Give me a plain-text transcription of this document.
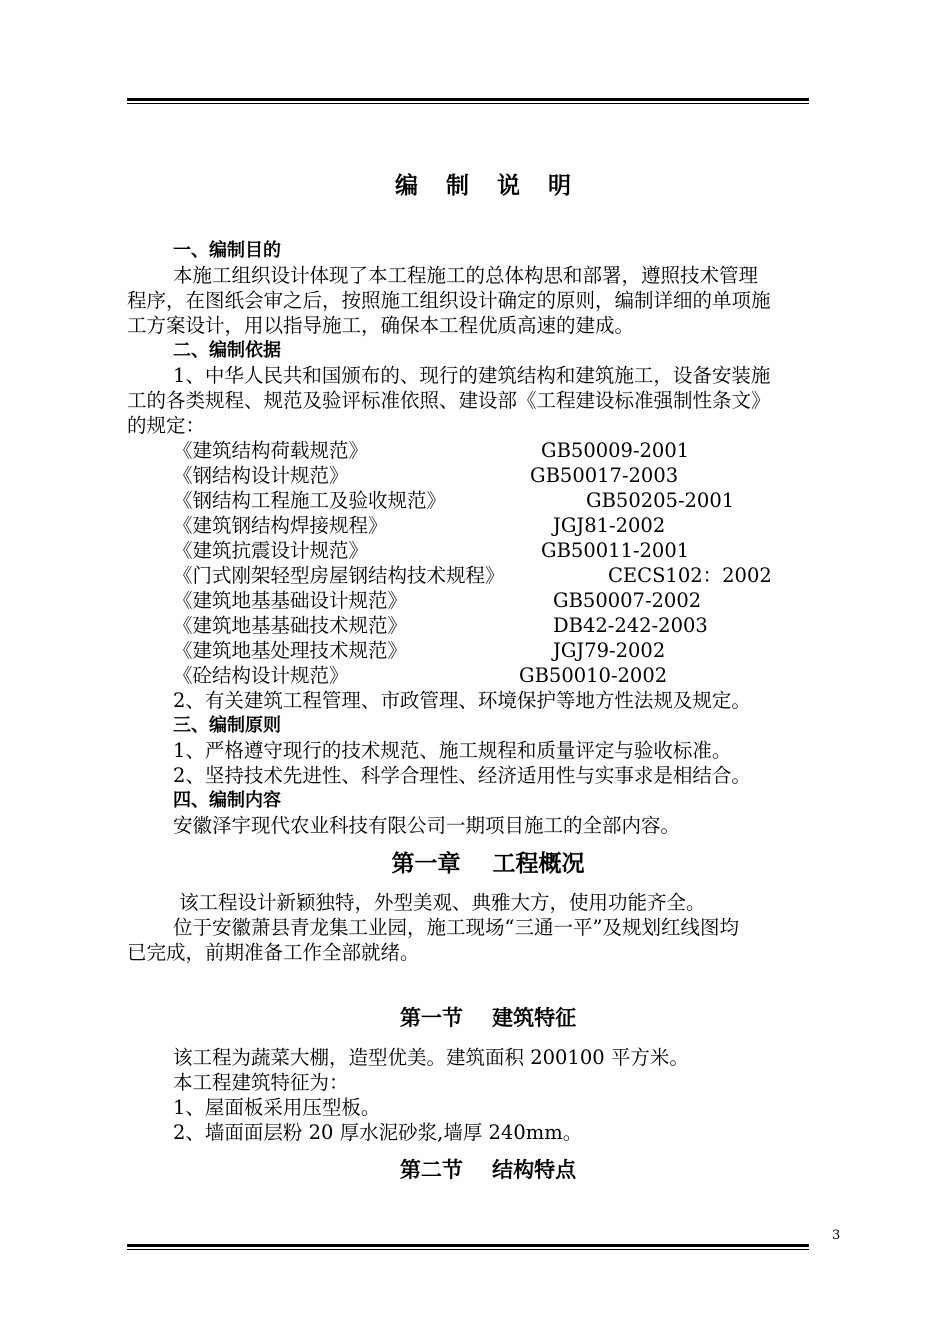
编 制 说 明
一、编制目的
本施工组织设计体现了本工程施工的总体构思和部署，遵照技术管理
程序，在图纸会审之后，按照施工组织设计确定的原则，编制详细的单项施
工方案设计，用以指导施工，确保本工程优质高速的建成。
二、编制依据
1、中华人民共和国颁布的、现行的建筑结构和建筑施工，设备安装施
工的各类规程、规范及验评标准依照、建设部《工程建设标准强制性条文》
的规定：
《建筑结构荷载规范》	GB50009-2001
《钢结构设计规范》	GB50017-2003
《钢结构工程施工及验收规范》	GB50205-2001
《建筑钢结构焊接规程》	JGJ81-2002
《建筑抗震设计规范》	GB50011-2001
《门式刚架轻型房屋钢结构技术规程》	CECS102：2002
《建筑地基基础设计规范》	GB50007-2002
《建筑地基基础技术规范》	DB42-242-2003
《建筑地基处理技术规范》	JGJ79-2002
《砼结构设计规范》	GB50010-2002
2、有关建筑工程管理、市政管理、环境保护等地方性法规及规定。
三、编制原则
1、严格遵守现行的技术规范、施工规程和质量评定与验收标准。
2、坚持技术先进性、科学合理性、经济适用性与实事求是相结合。
四、编制内容
安徽泽宇现代农业科技有限公司一期项目施工的全部内容。
第一章    工程概况
该工程设计新颖独特，外型美观、典雅大方，使用功能齐全。
位于安徽萧县青龙集工业园，施工现场“三通一平”及规划红线图均
已完成，前期准备工作全部就绪。
第一节    建筑特征
该工程为蔬菜大棚，造型优美。建筑面积 200100 平方米。
本工程建筑特征为：
1、屋面板采用压型板。
2、墙面面层粉 20 厚水泥砂浆,墙厚 240mm。
第二节    结构特点
3
